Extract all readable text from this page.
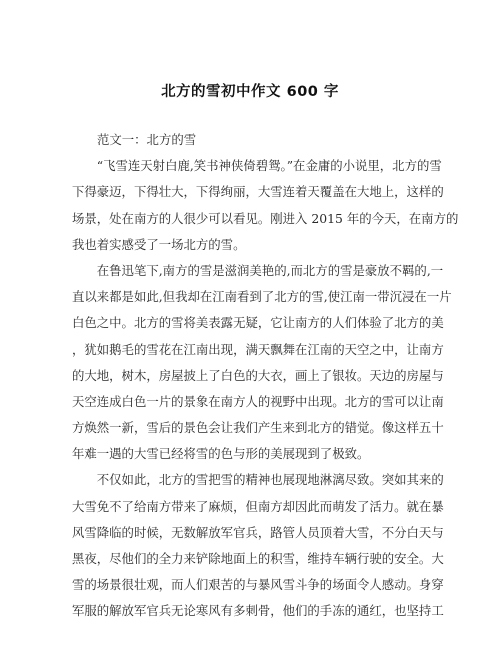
北方的雪初中作文 600 字
范文一：北方的雪
　　“飞雪连天射白鹿,笑书神侠倚碧鸳。”在金庸的小说里，北方的雪
下得豪迈，下得壮大，下得绚丽，大雪连着天覆盖在大地上，这样的
场景，处在南方的人很少可以看见。刚进入 2015 年的今天，在南方的
我也着实感受了一场北方的雪。
　　在鲁迅笔下,南方的雪是滋润美艳的,而北方的雪是豪放不羁的,一
直以来都是如此,但我却在江南看到了北方的雪,使江南一带沉浸在一片
白色之中。北方的雪将美表露无疑，它让南方的人们体验了北方的美
，犹如鹅毛的雪花在江南出现，满天飘舞在江南的天空之中，让南方
的大地，树木，房屋披上了白色的大衣，画上了银妆。天边的房屋与
天空连成白色一片的景象在南方人的视野中出现。北方的雪可以让南
方焕然一新，雪后的景色会让我们产生来到北方的错觉。像这样五十
年难一遇的大雪已经将雪的色与形的美展现到了极致。
　　不仅如此，北方的雪把雪的精神也展现地淋漓尽致。突如其来的
大雪免不了给南方带来了麻烦，但南方却因此而萌发了活力。就在暴
风雪降临的时候，无数解放军官兵，路管人员顶着大雪，不分白天与
黑夜，尽他们的全力来铲除地面上的积雪，维持车辆行驶的安全。大
雪的场景很壮观，而人们艰苦的与暴风雪斗争的场面令人感动。身穿
军服的解放军官兵无论寒风有多刺骨，他们的手冻的通红，也坚持工
